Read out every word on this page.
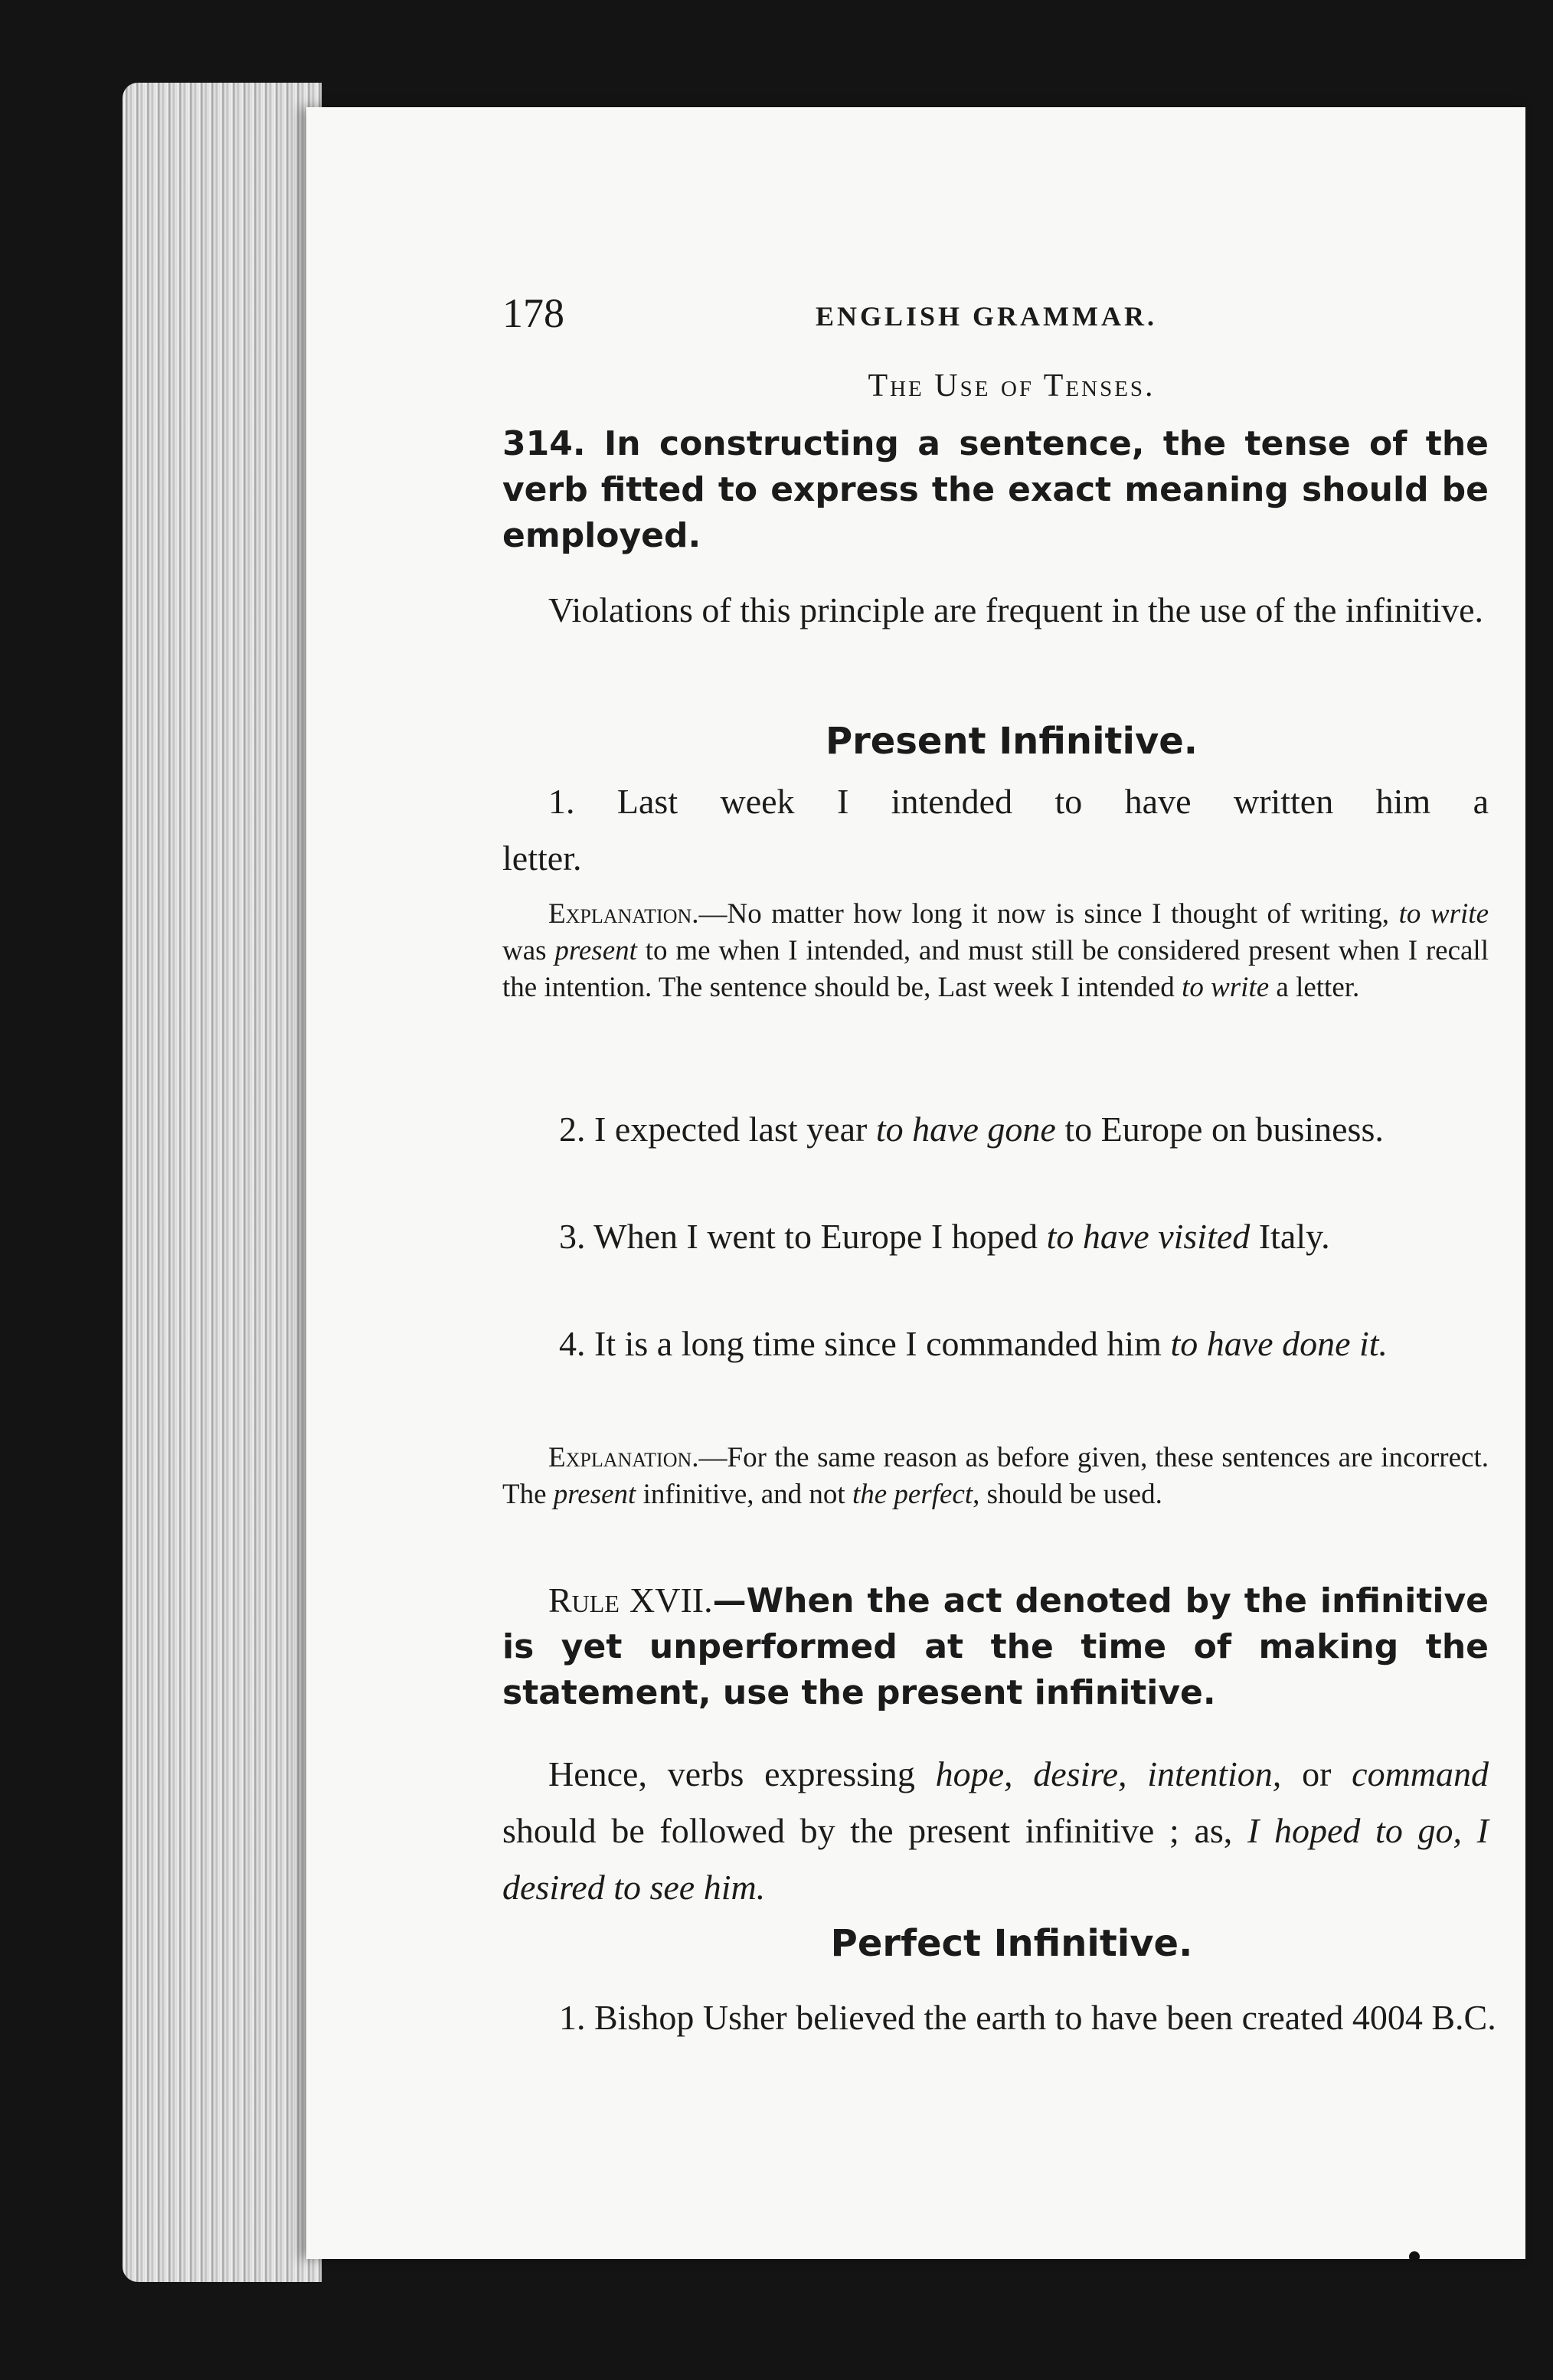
178	ENGLISH GRAMMAR.
The Use of Tenses.
314. In constructing a sentence, the tense of the verb fitted to express the exact meaning should be employed.
Violations of this principle are frequent in the use of the infinitive.
Present Infinitive.
1. Last week I intended to have written him a
letter.
Explanation.—No matter how long it now is since I thought of writing, to write was present to me when I intended, and must still be considered present when I recall the intention. The sentence should be, Last week I intended to write a letter.
2. I expected last year to have gone to Europe on business.
3. When I went to Europe I hoped to have visited Italy.
4. It is a long time since I commanded him to have done it.
Explanation.—For the same reason as before given, these sentences are incorrect. The present infinitive, and not the perfect, should be used.
Rule XVII.—When the act denoted by the infinitive is yet unperformed at the time of making the statement, use the present infinitive.
Hence, verbs expressing hope, desire, intention, or command should be followed by the present infinitive ; as, I hoped to go, I desired to see him.
Perfect Infinitive.
1. Bishop Usher believed the earth to have been created 4004 B.C.
